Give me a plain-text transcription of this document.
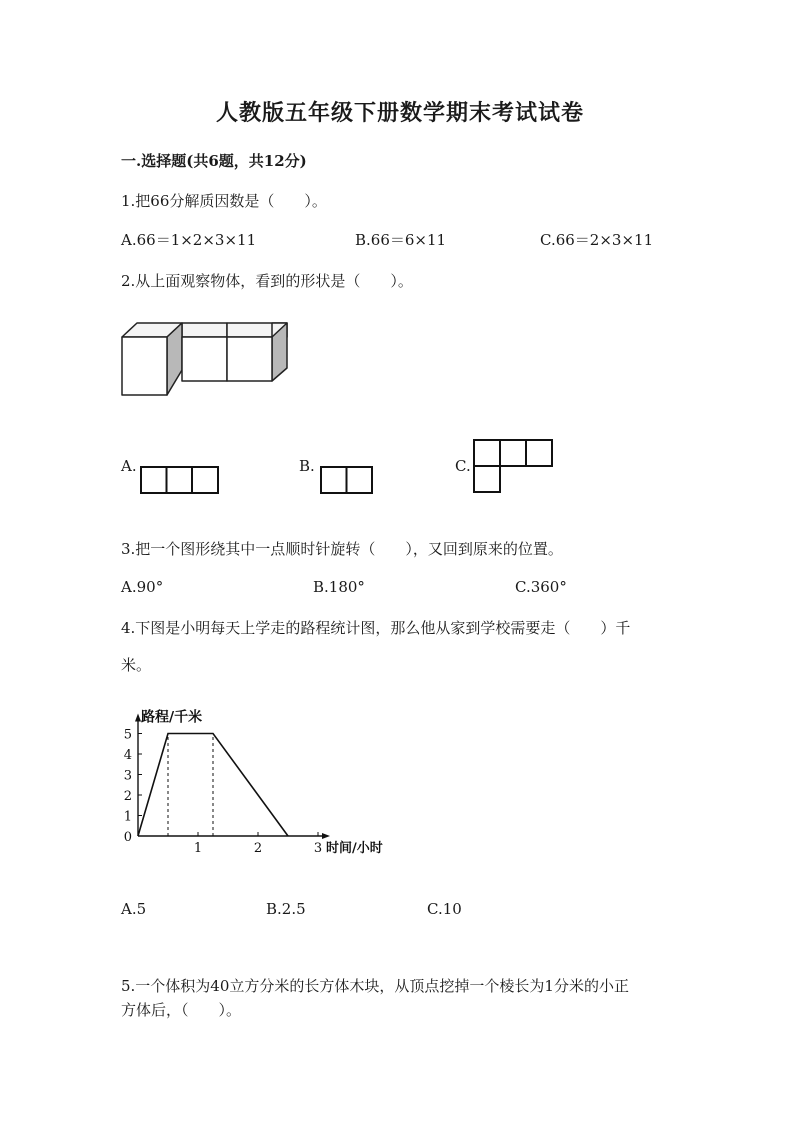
人教版五年级下册数学期末考试试卷
一.选择题(共6题，共12分)
1.把66分解质因数是（　　）。
A.66＝1×2×3×11	B.66＝6×11	C.66＝2×3×11
2.从上面观察物体，看到的形状是（　　）。
A.	B.	C.
3.把一个图形绕其中一点顺时针旋转（　　），又回到原来的位置。
A.90°	B.180°	C.360°
4.下图是小明每天上学走的路程统计图，那么他从家到学校需要走（　　）千
米。
0
1
2
3
4
5
1	2	3
路程/千米
时间/小时
A.5	B.2.5	C.10
5.一个体积为40立方分米的长方体木块，从顶点挖掉一个棱长为1分米的小正
方体后，（　　）。
